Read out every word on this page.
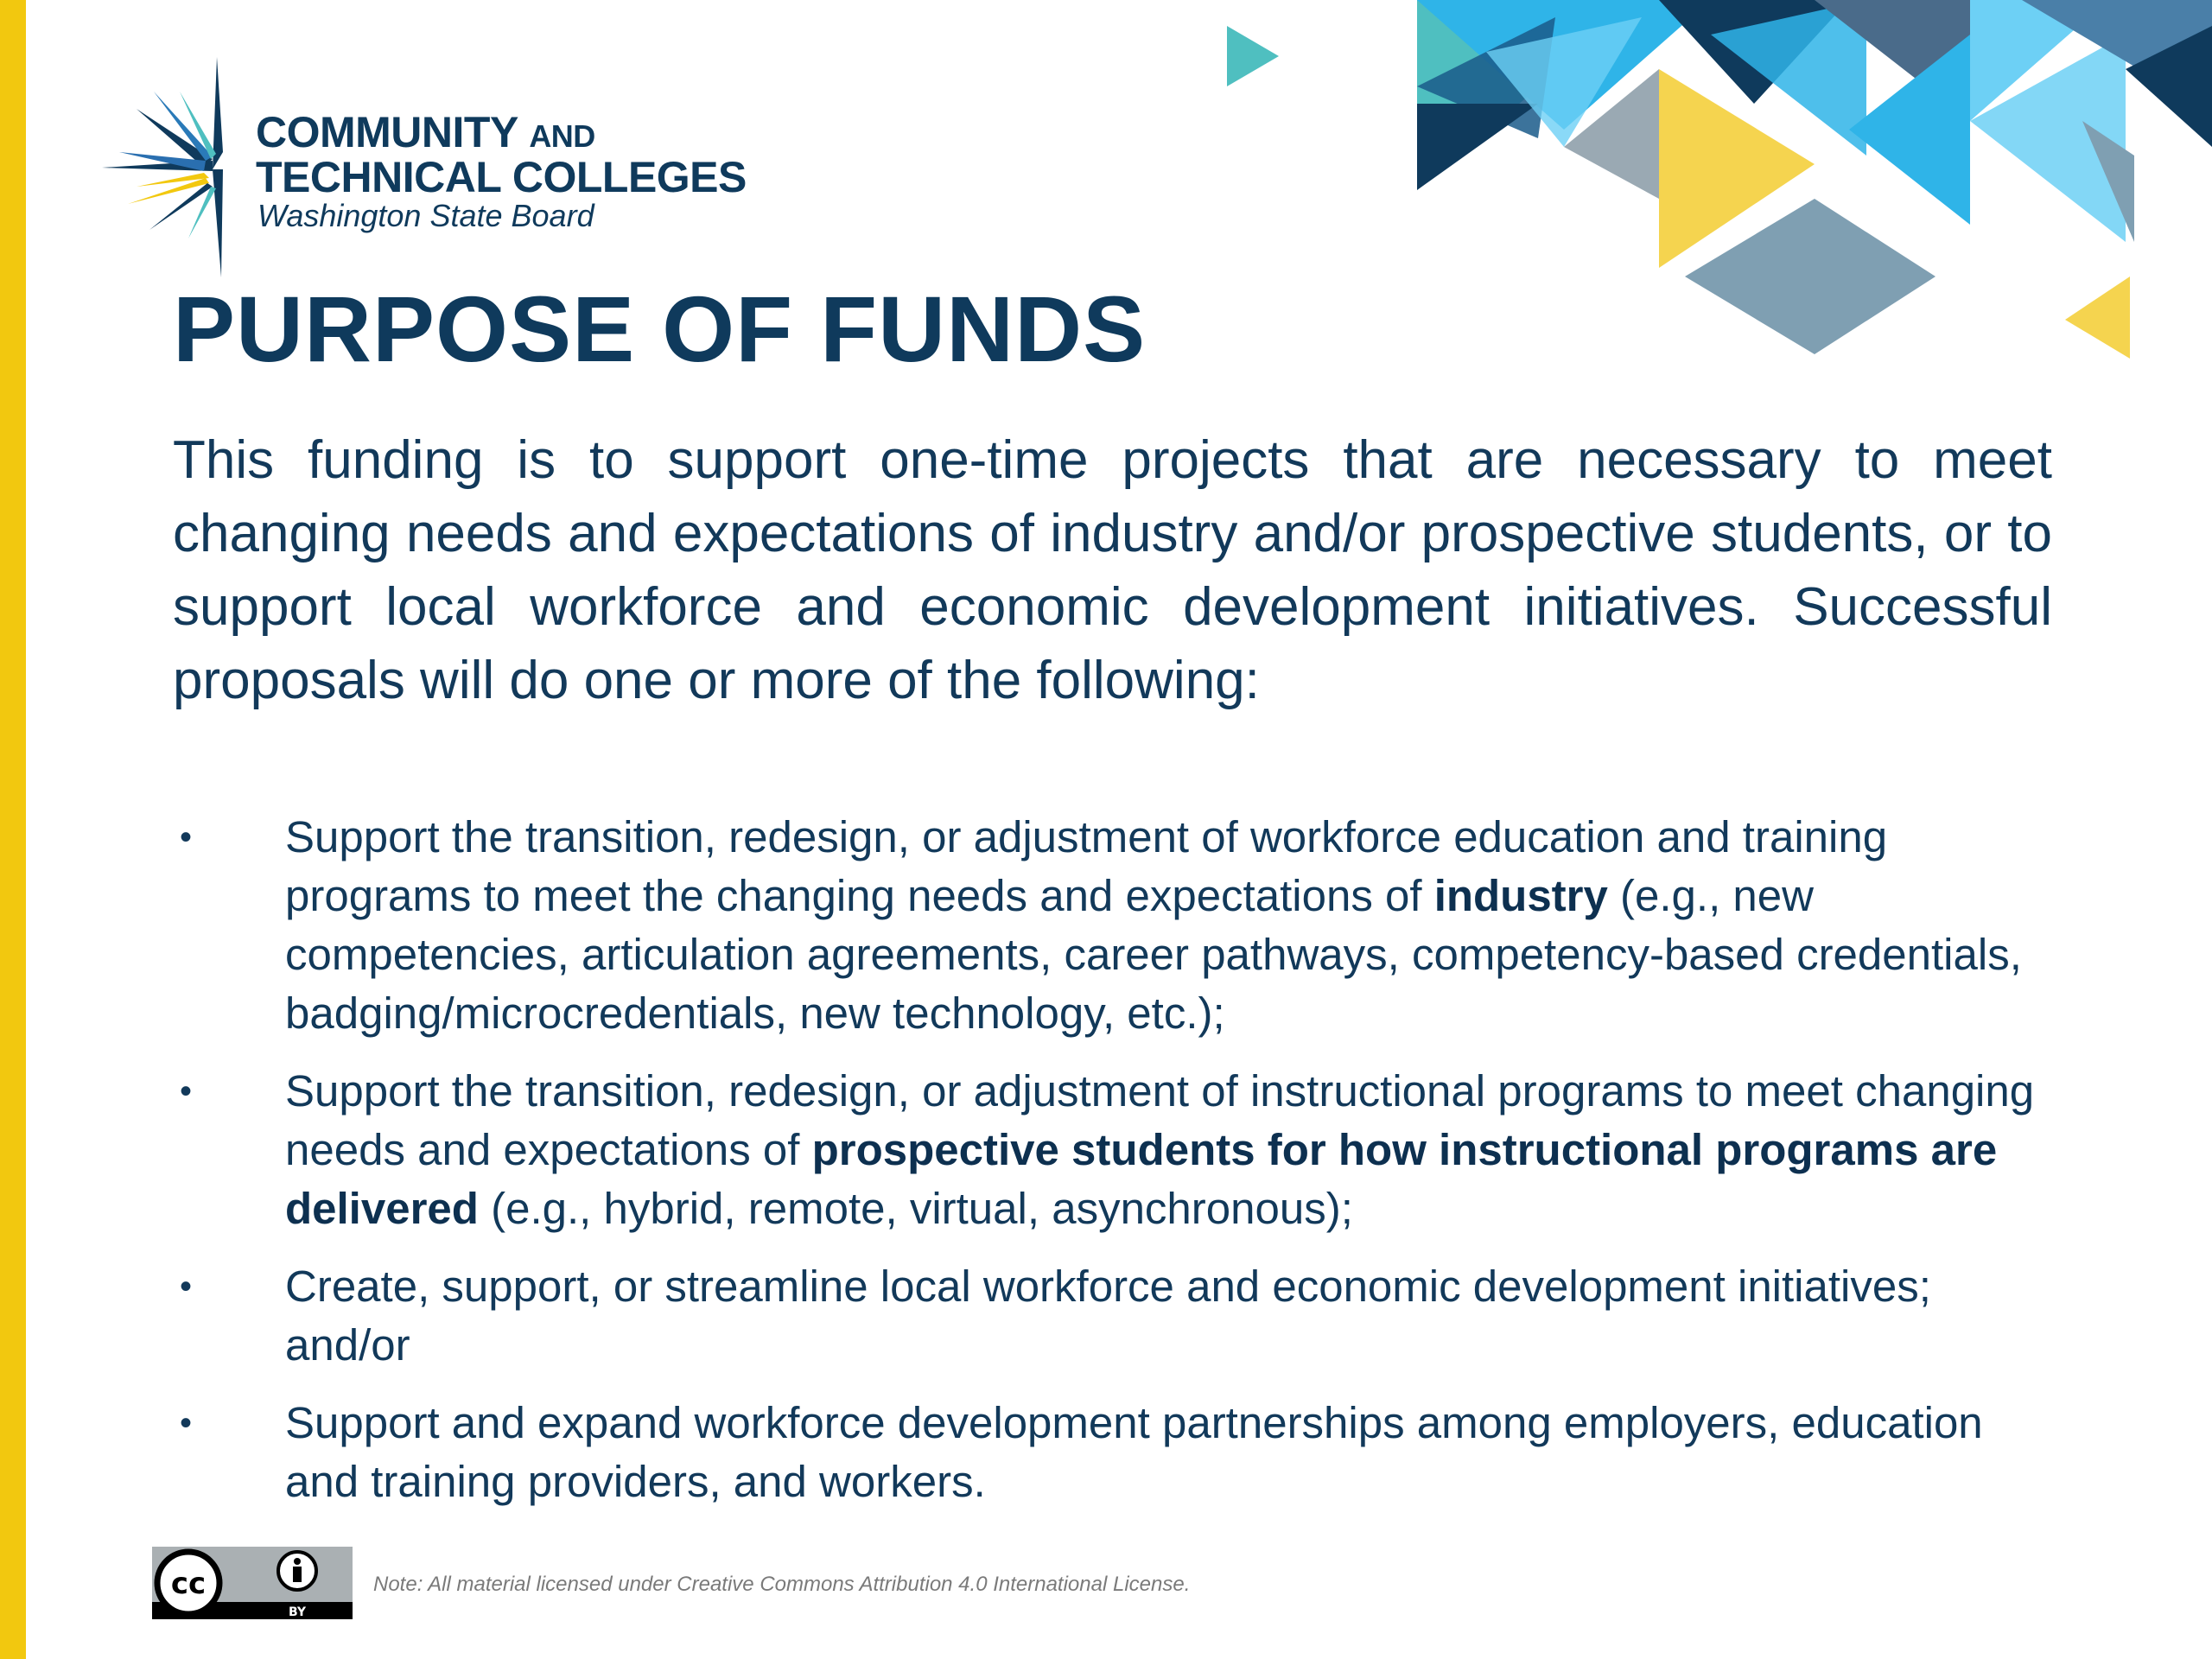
COMMUNITY AND
TECHNICAL COLLEGES
Washington State Board
PURPOSE OF FUNDS

This funding is to support one-time projects that are necessary to meet changing needs and expectations of industry and/or prospective students, or to support local workforce and economic development initiatives. Successful proposals will do one or more of the following:

• Support the transition, redesign, or adjustment of workforce education and training programs to meet the changing needs and expectations of industry (e.g., new competencies, articulation agreements, career pathways, competency-based credentials, badging/microcredentials, new technology, etc.);
• Support the transition, redesign, or adjustment of instructional programs to meet changing needs and expectations of prospective students for how instructional programs are delivered (e.g., hybrid, remote, virtual, asynchronous);
• Create, support, or streamline local workforce and economic development initiatives; and/or
• Support and expand workforce development partnerships among employers, education and training providers, and workers.
cc
BY
Note: All material licensed under Creative Commons Attribution 4.0 International License.
